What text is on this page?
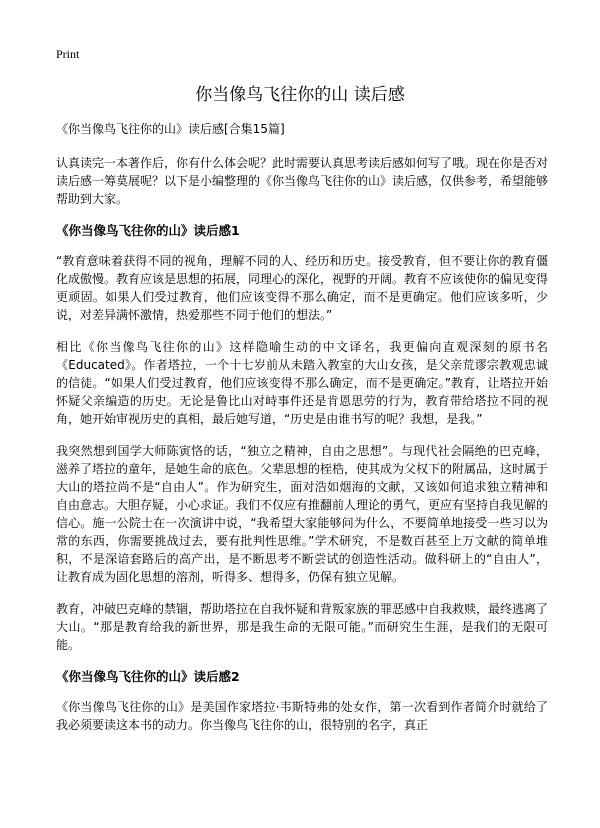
Print
你当像鸟飞往你的山 读后感

《你当像鸟飞往你的山》读后感[合集15篇]

认真读完一本著作后，你有什么体会呢？此时需要认真思考读后感如何写了哦。现在你是否对读后感一筹莫展呢？以下是小编整理的《你当像鸟飞往你的山》读后感，仅供参考，希望能够帮助到大家。

《你当像鸟飞往你的山》读后感1

“教育意味着获得不同的视角，理解不同的人、经历和历史。接受教育，但不要让你的教育僵化成傲慢。教育应该是思想的拓展，同理心的深化，视野的开阔。教育不应该使你的偏见变得更顽固。如果人们受过教育，他们应该变得不那么确定，而不是更确定。他们应该多听，少说，对差异满怀激情，热爱那些不同于他们的想法。”

相比《你当像鸟飞往你的山》这样隐喻生动的中文译名，我更偏向直观深刻的原书名《Educated》。作者塔拉，一个十七岁前从未踏入教室的大山女孩，是父亲荒谬宗教观忠诚的信徒。“如果人们受过教育，他们应该变得不那么确定，而不是更确定。”教育，让塔拉开始怀疑父亲编造的历史。无论是鲁比山对峙事件还是肯恩思劳的行为，教育带给塔拉不同的视角，她开始审视历史的真相，最后她写道，“历史是由谁书写的呢？我想，是我。”

我突然想到国学大师陈寅恪的话，“独立之精神，自由之思想”。与现代社会隔绝的巴克峰，滋养了塔拉的童年，是她生命的底色。父辈思想的桎梏，使其成为父权下的附属品，这时属于大山的塔拉尚不是“自由人”。作为研究生，面对浩如烟海的文献，又该如何追求独立精神和自由意志。大胆存疑，小心求证。我们不仅应有推翻前人理论的勇气，更应有坚持自我见解的信心。施一公院士在一次演讲中说，“我希望大家能够问为什么，不要简单地接受一些习以为常的东西，你需要挑战过去，要有批判性思维。”学术研究，不是数百甚至上万文献的简单堆积，不是深谙套路后的高产出，是不断思考不断尝试的创造性活动。做科研上的“自由人”，让教育成为固化思想的溶剂，听得多、想得多，仍保有独立见解。

教育，冲破巴克峰的禁锢，帮助塔拉在自我怀疑和背叛家族的罪恶感中自我救赎，最终逃离了大山。“那是教育给我的新世界，那是我生命的无限可能。”而研究生生涯，是我们的无限可能。

《你当像鸟飞往你的山》读后感2

《你当像鸟飞往你的山》是美国作家塔拉·韦斯特弗的处女作，第一次看到作者简介时就给了我必须要读这本书的动力。你当像鸟飞往你的山，很特别的名字，真正
